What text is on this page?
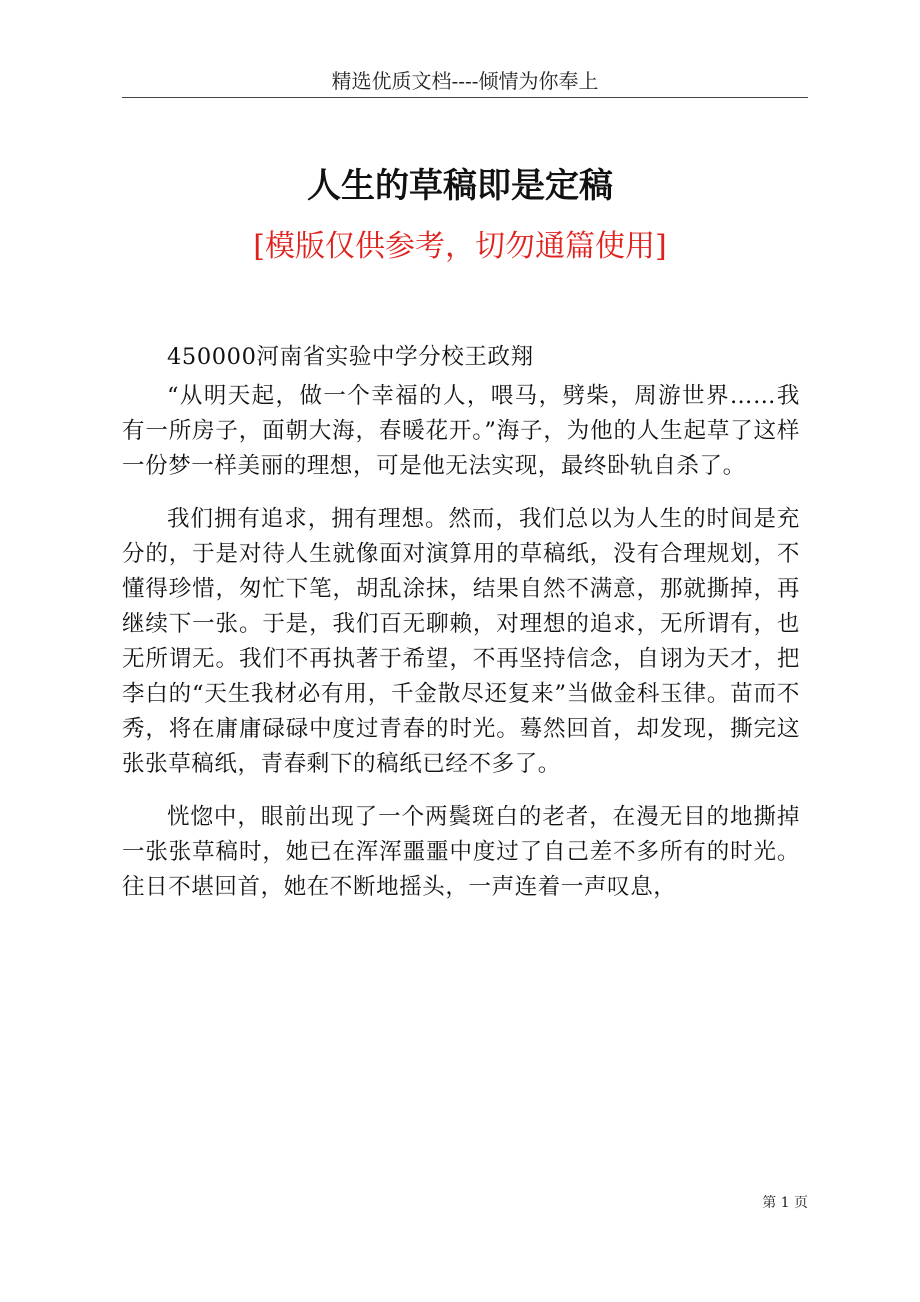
精选优质文档----倾情为你奉上
人生的草稿即是定稿
[模版仅供参考，切勿通篇使用]

450000河南省实验中学分校王政翔

“从明天起，做一个幸福的人，喂马，劈柴，周游世界……我有一所房子，面朝大海，春暖花开。”海子，为他的人生起草了这样一份梦一样美丽的理想，可是他无法实现，最终卧轨自杀了。

我们拥有追求，拥有理想。然而，我们总以为人生的时间是充分的，于是对待人生就像面对演算用的草稿纸，没有合理规划，不懂得珍惜，匆忙下笔，胡乱涂抹，结果自然不满意，那就撕掉，再继续下一张。于是，我们百无聊赖，对理想的追求，无所谓有，也无所谓无。我们不再执著于希望，不再坚持信念，自诩为天才，把李白的“天生我材必有用，千金散尽还复来”当做金科玉律。苗而不秀，将在庸庸碌碌中度过青春的时光。蓦然回首，却发现，撕完这张张草稿纸，青春剩下的稿纸已经不多了。

恍惚中，眼前出现了一个两鬓斑白的老者，在漫无目的地撕掉一张张草稿时，她已在浑浑噩噩中度过了自己差不多所有的时光。往日不堪回首，她在不断地摇头，一声连着一声叹息，

第 1 页
